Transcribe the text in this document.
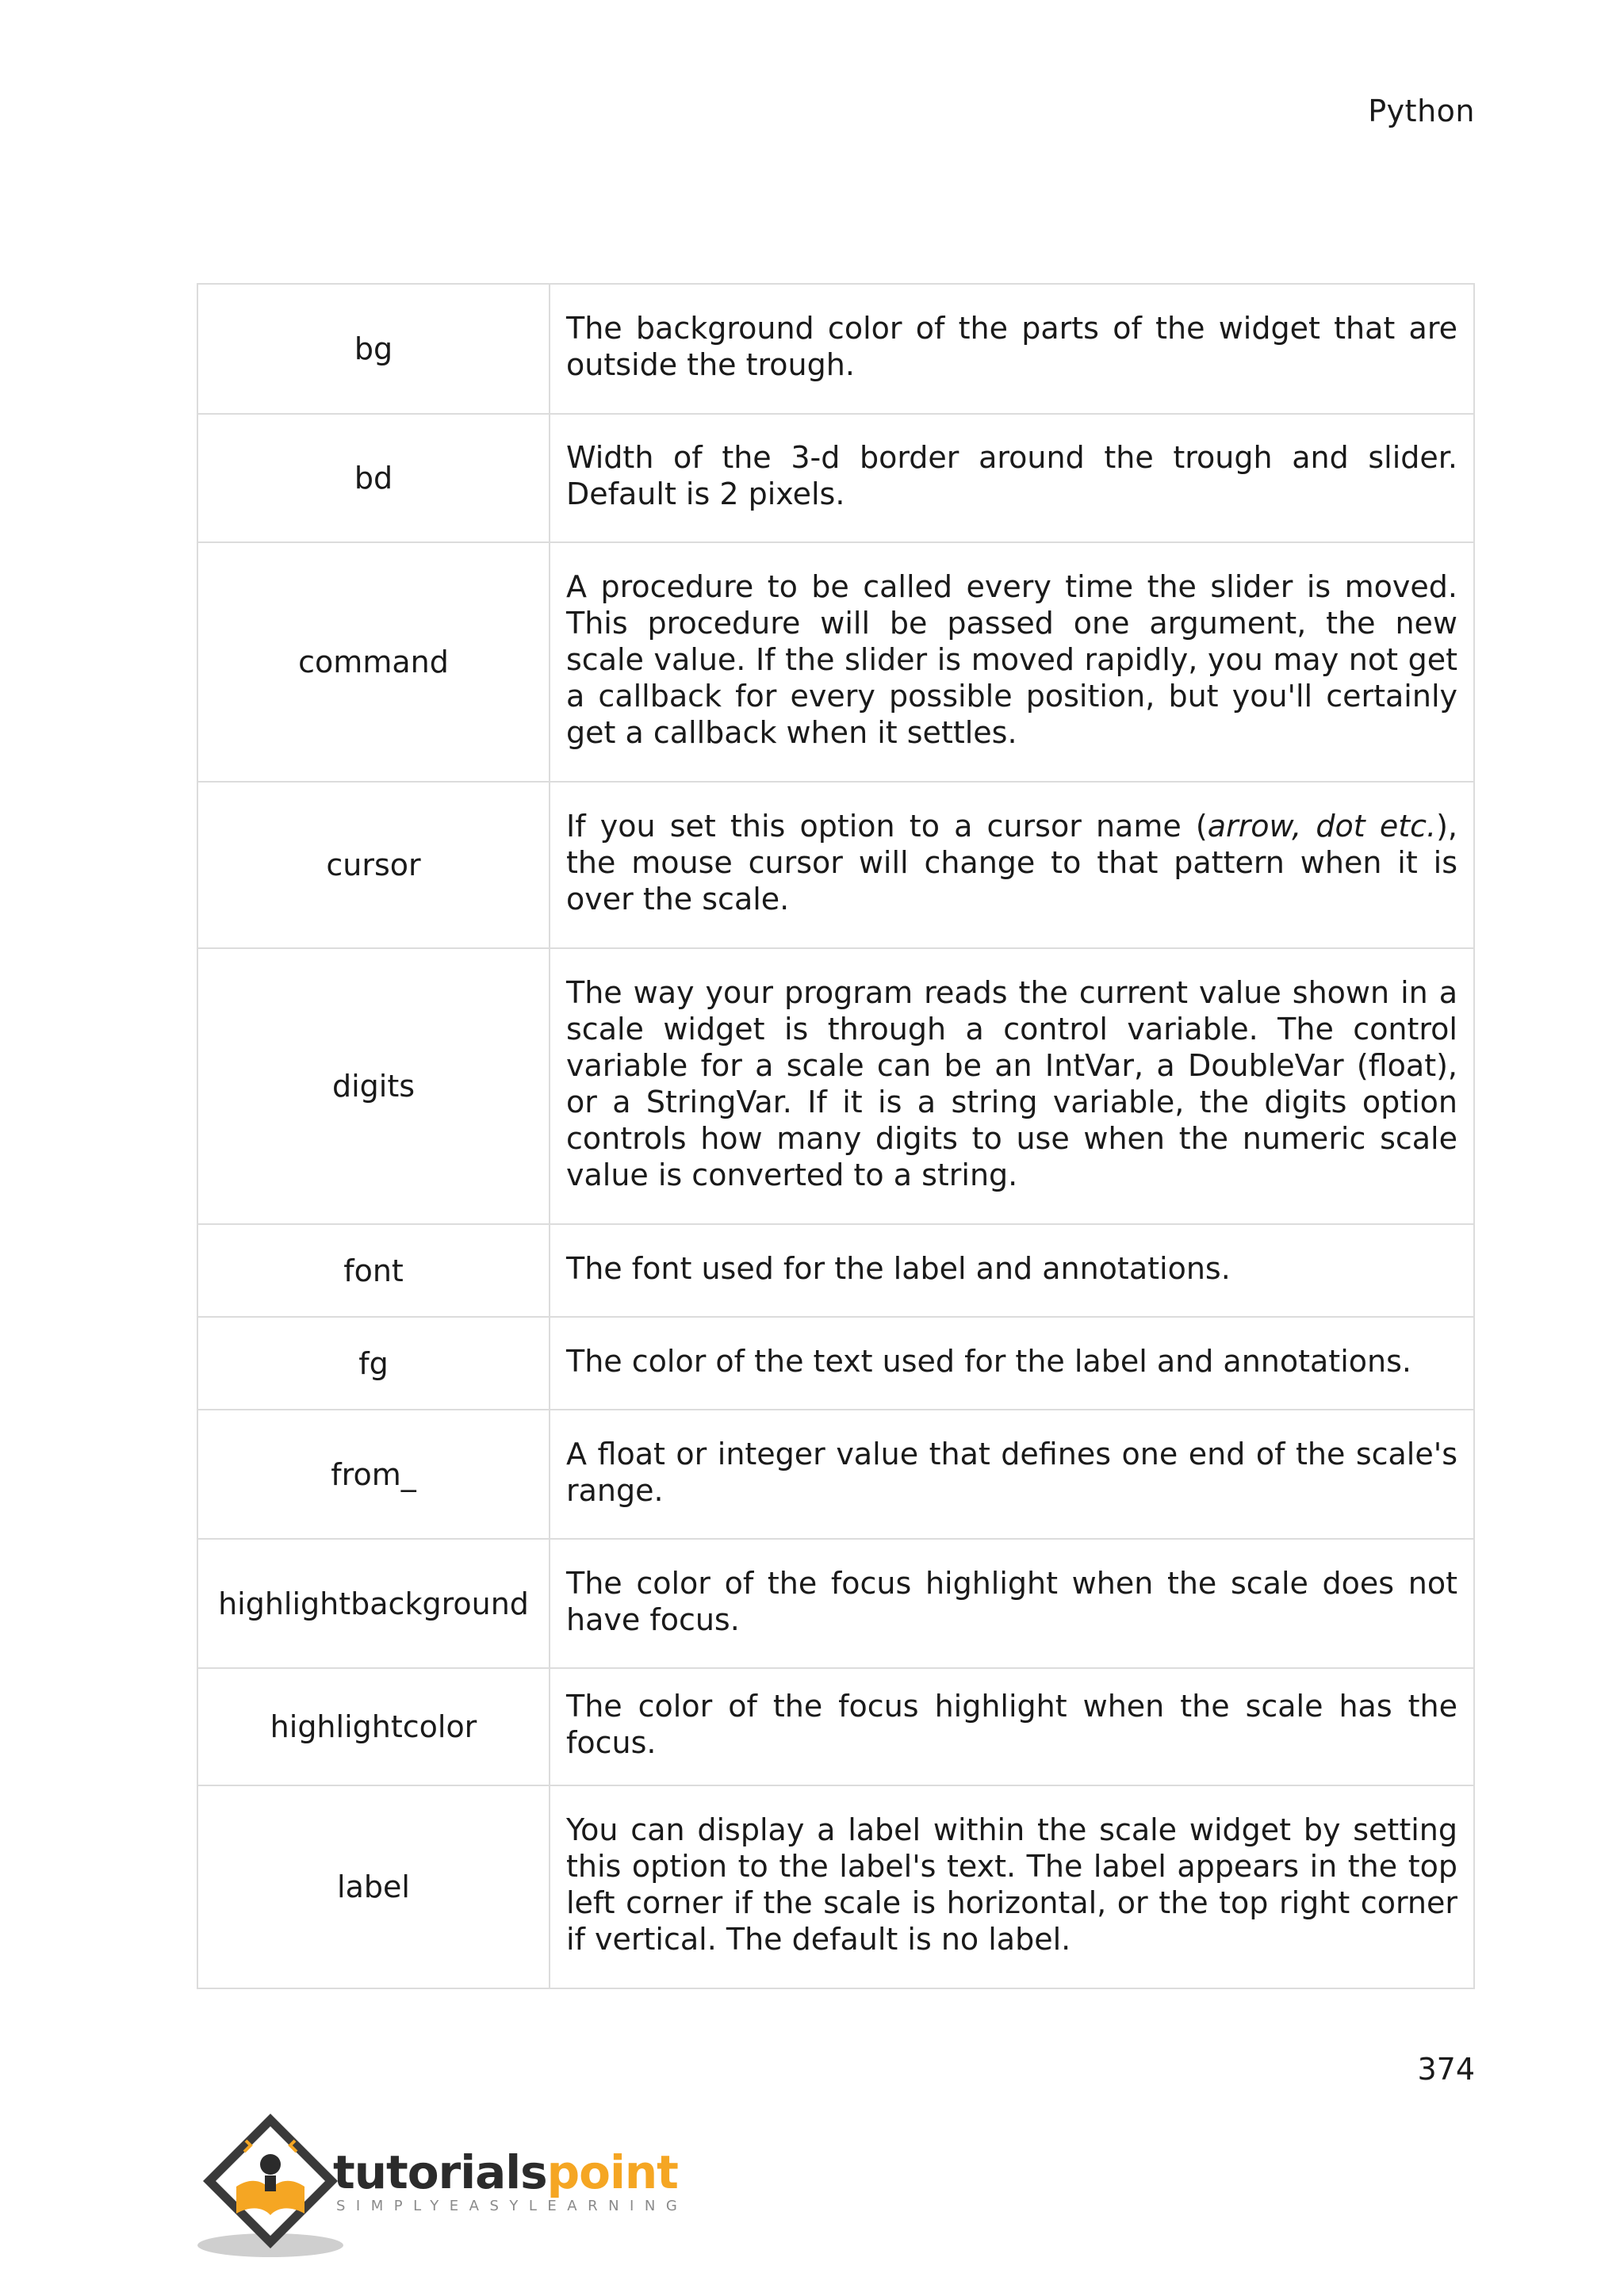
Python
bg	The background color of the parts of the widget that are outside the trough.
bd	Width of the 3-d border around the trough and slider. Default is 2 pixels.
command	A procedure to be called every time the slider is moved. This procedure will be passed one argument, the new scale value. If the slider is moved rapidly, you may not get a callback for every possible position, but you'll certainly get a callback when it settles.
cursor	If you set this option to a cursor name (arrow, dot etc.), the mouse cursor will change to that pattern when it is over the scale.
digits	The way your program reads the current value shown in a scale widget is through a control variable. The control variable for a scale can be an IntVar, a DoubleVar (float), or a StringVar. If it is a string variable, the digits option controls how many digits to use when the numeric scale value is converted to a string.
font	The font used for the label and annotations.
fg	The color of the text used for the label and annotations.
from_	A float or integer value that defines one end of the scale's range.
highlightbackground	The color of the focus highlight when the scale does not have focus.
highlightcolor	The color of the focus highlight when the scale has the focus.
label	You can display a label within the scale widget by setting this option to the label's text. The label appears in the top left corner if the scale is horizontal, or the top right corner if vertical. The default is no label.
374
tutorialspoint
SIMPLYEASYLEARNING
